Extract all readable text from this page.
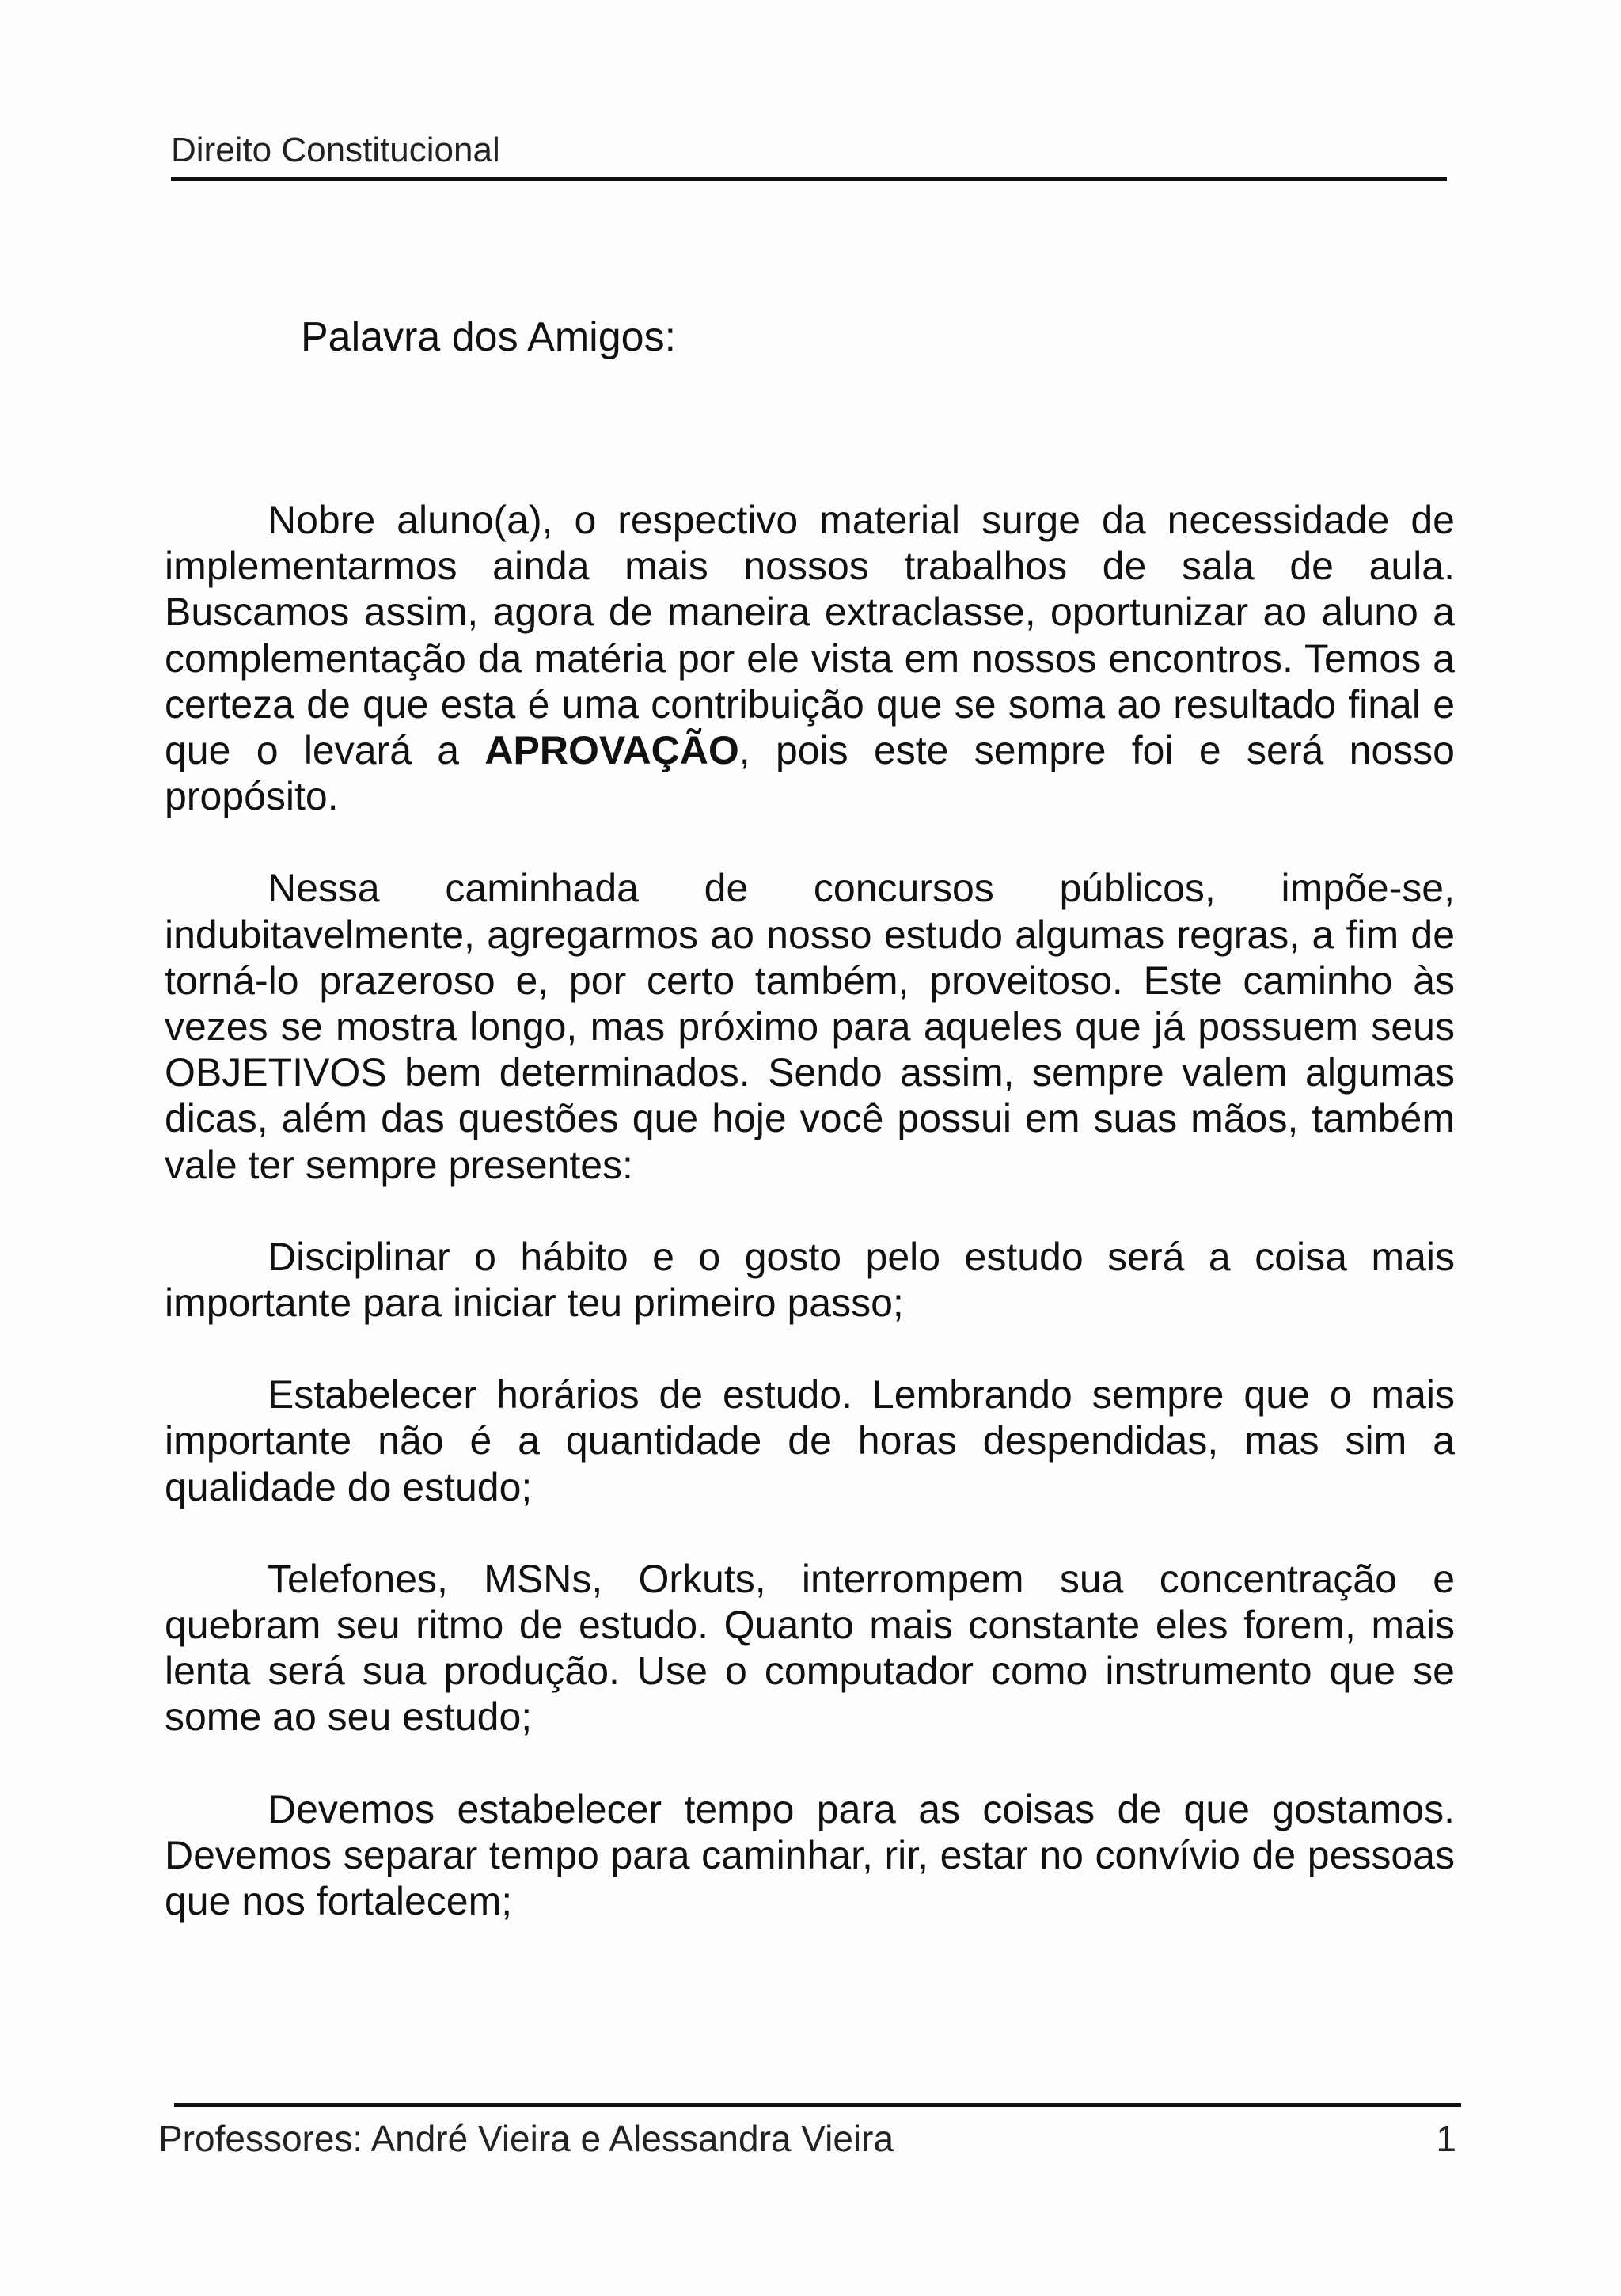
Direito Constitucional
Palavra dos Amigos:

Nobre aluno(a), o respectivo material surge da necessidade de implementarmos ainda mais nossos trabalhos de sala de aula. Buscamos assim, agora de maneira extraclasse, oportunizar ao aluno a complementação da matéria por ele vista em nossos encontros. Temos a certeza de que esta é uma contribuição que se soma ao resultado final e que o levará a APROVAÇÃO, pois este sempre foi e será nosso propósito.

Nessa caminhada de concursos públicos, impõe-se, indubitavelmente, agregarmos ao nosso estudo algumas regras, a fim de torná-lo prazeroso e, por certo também, proveitoso. Este caminho às vezes se mostra longo, mas próximo para aqueles que já possuem seus OBJETIVOS bem determinados. Sendo assim, sempre valem algumas dicas, além das questões que hoje você possui em suas mãos, também vale ter sempre presentes:

Disciplinar o hábito e o gosto pelo estudo será a coisa mais importante para iniciar teu primeiro passo;

Estabelecer horários de estudo. Lembrando sempre que o mais importante não é a quantidade de horas despendidas, mas sim a qualidade do estudo;

Telefones, MSNs, Orkuts, interrompem sua concentração e quebram seu ritmo de estudo. Quanto mais constante eles forem, mais lenta será sua produção. Use o computador como instrumento que se some ao seu estudo;

Devemos estabelecer tempo para as coisas de que gostamos. Devemos separar tempo para caminhar, rir, estar no convívio de pessoas que nos fortalecem;

Professores: André Vieira e Alessandra Vieira	1
